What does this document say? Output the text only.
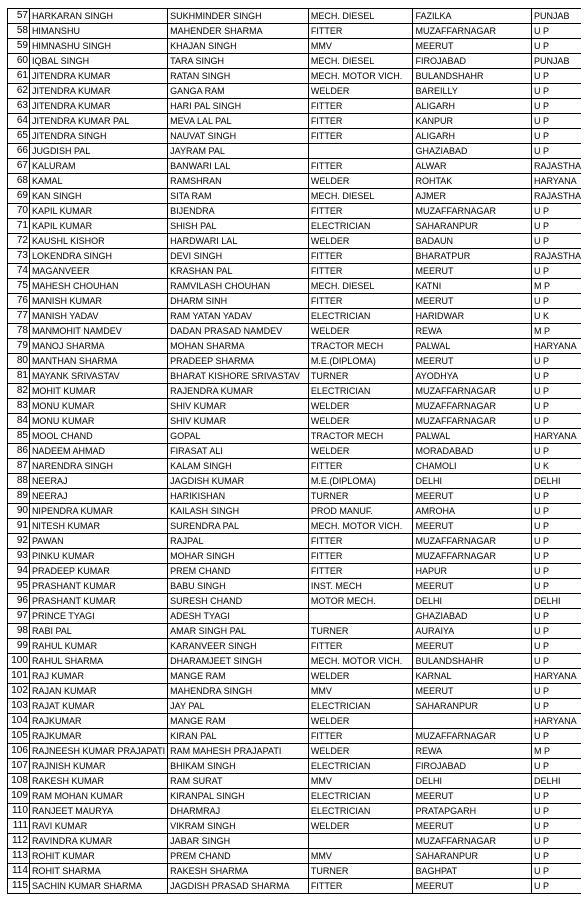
57	HARKARAN SINGH	SUKHMINDER SINGH	MECH. DIESEL	FAZILKA	PUNJAB
58	HIMANSHU	MAHENDER SHARMA	FITTER	MUZAFFARNAGAR	U P
59	HIMNASHU SINGH	KHAJAN SINGH	MMV	MEERUT	U P
60	IQBAL SINGH	TARA SINGH	MECH. DIESEL	FIROJABAD	PUNJAB
61	JITENDRA KUMAR	RATAN SINGH	MECH. MOTOR VICH.	BULANDSHAHR	U P
62	JITENDRA KUMAR	GANGA RAM	WELDER	BAREILLY	U P
63	JITENDRA KUMAR	HARI PAL SINGH	FITTER	ALIGARH	U P
64	JITENDRA KUMAR PAL	MEVA LAL PAL	FITTER	KANPUR	U P
65	JITENDRA SINGH	NAUVAT SINGH	FITTER	ALIGARH	U P
66	JUGDISH PAL	JAYRAM PAL		GHAZIABAD	U P
67	KALURAM	BANWARI LAL	FITTER	ALWAR	RAJASTHA
68	KAMAL	RAMSHRAN	WELDER	ROHTAK	HARYANA
69	KAN SINGH	SITA RAM	MECH. DIESEL	AJMER	RAJASTHA
70	KAPIL KUMAR	BIJENDRA	FITTER	MUZAFFARNAGAR	U P
71	KAPIL KUMAR	SHISH PAL	ELECTRICIAN	SAHARANPUR	U P
72	KAUSHL KISHOR	HARDWARI LAL	WELDER	BADAUN	U P
73	LOKENDRA SINGH	DEVI SINGH	FITTER	BHARATPUR	RAJASTHA
74	MAGANVEER	KRASHAN PAL	FITTER	MEERUT	U P
75	MAHESH CHOUHAN	RAMVILASH CHOUHAN	MECH. DIESEL	KATNI	M P
76	MANISH KUMAR	DHARM SINH	FITTER	MEERUT	U P
77	MANISH YADAV	RAM YATAN YADAV	ELECTRICIAN	HARIDWAR	U K
78	MANMOHIT NAMDEV	DADAN PRASAD NAMDEV	WELDER	REWA	M P
79	MANOJ SHARMA	MOHAN SHARMA	TRACTOR MECH	PALWAL	HARYANA
80	MANTHAN SHARMA	PRADEEP SHARMA	M.E.(DIPLOMA)	MEERUT	U P
81	MAYANK SRIVASTAV	BHARAT KISHORE SRIVASTAV	TURNER	AYODHYA	U P
82	MOHIT KUMAR	RAJENDRA KUMAR	ELECTRICIAN	MUZAFFARNAGAR	U P
83	MONU KUMAR	SHIV KUMAR	WELDER	MUZAFFARNAGAR	U P
84	MONU KUMAR	SHIV KUMAR	WELDER	MUZAFFARNAGAR	U P
85	MOOL CHAND	GOPAL	TRACTOR MECH	PALWAL	HARYANA
86	NADEEM AHMAD	FIRASAT ALI	WELDER	MORADABAD	U P
87	NARENDRA SINGH	KALAM SINGH	FITTER	CHAMOLI	U K
88	NEERAJ	JAGDISH KUMAR	M.E.(DIPLOMA)	DELHI	DELHI
89	NEERAJ	HARIKISHAN	TURNER	MEERUT	U P
90	NIPENDRA KUMAR	KAILASH SINGH	PROD MANUF.	AMROHA	U P
91	NITESH KUMAR	SURENDRA PAL	MECH. MOTOR VICH.	MEERUT	U P
92	PAWAN	RAJPAL	FITTER	MUZAFFARNAGAR	U P
93	PINKU KUMAR	MOHAR SINGH	FITTER	MUZAFFARNAGAR	U P
94	PRADEEP KUMAR	PREM CHAND	FITTER	HAPUR	U P
95	PRASHANT KUMAR	BABU SINGH	INST. MECH	MEERUT	U P
96	PRASHANT KUMAR	SURESH CHAND	MOTOR MECH.	DELHI	DELHI
97	PRINCE TYAGI	ADESH TYAGI		GHAZIABAD	U P
98	RABI PAL	AMAR SINGH PAL	TURNER	AURAIYA	U P
99	RAHUL KUMAR	KARANVEER SINGH	FITTER	MEERUT	U P
100	RAHUL SHARMA	DHARAMJEET SINGH	MECH. MOTOR VICH.	BULANDSHAHR	U P
101	RAJ KUMAR	MANGE RAM	WELDER	KARNAL	HARYANA
102	RAJAN KUMAR	MAHENDRA SINGH	MMV	MEERUT	U P
103	RAJAT KUMAR	JAY PAL	ELECTRICIAN	SAHARANPUR	U P
104	RAJKUMAR	MANGE RAM	WELDER		HARYANA
105	RAJKUMAR	KIRAN PAL	FITTER	MUZAFFARNAGAR	U P
106	RAJNEESH KUMAR PRAJAPATI	RAM MAHESH PRAJAPATI	WELDER	REWA	M P
107	RAJNISH KUMAR	BHIKAM SINGH	ELECTRICIAN	FIROJABAD	U P
108	RAKESH KUMAR	RAM SURAT	MMV	DELHI	DELHI
109	RAM MOHAN KUMAR	KIRANPAL SINGH	ELECTRICIAN	MEERUT	U P
110	RANJEET MAURYA	DHARMRAJ	ELECTRICIAN	PRATAPGARH	U P
111	RAVI KUMAR	VIKRAM SINGH	WELDER	MEERUT	U P
112	RAVINDRA KUMAR	JABAR SINGH		MUZAFFARNAGAR	U P
113	ROHIT KUMAR	PREM CHAND	MMV	SAHARANPUR	U P
114	ROHIT SHARMA	RAKESH SHARMA	TURNER	BAGHPAT	U P
115	SACHIN KUMAR SHARMA	JAGDISH PRASAD SHARMA	FITTER	MEERUT	U P
